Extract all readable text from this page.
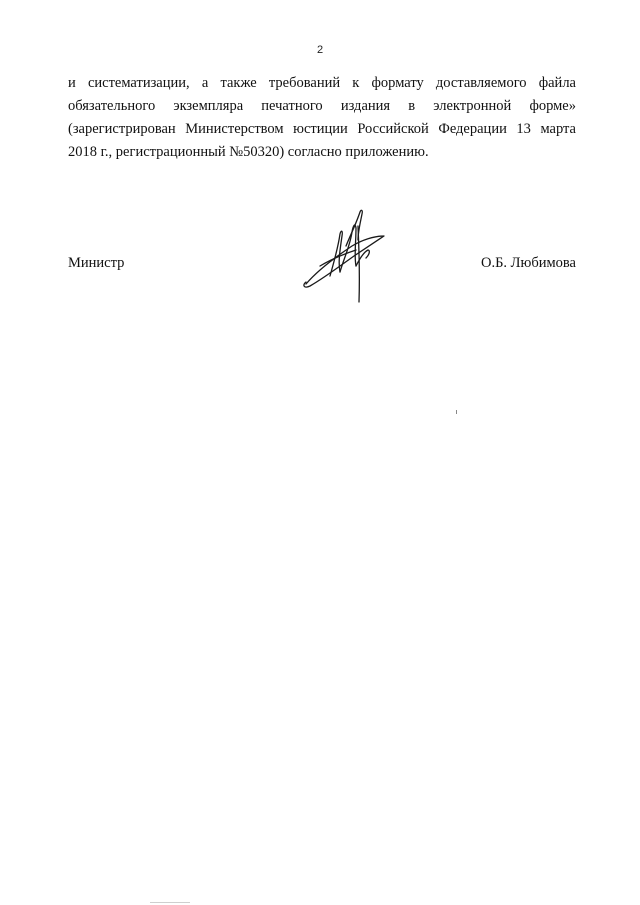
2
и систематизации, а также требований к формату доставляемого файла
обязательного экземпляра печатного издания в электронной форме»
(зарегистрирован Министерством юстиции Российской Федерации 13 марта
2018 г., регистрационный №50320) согласно приложению.
Министр	О.Б. Любимова
